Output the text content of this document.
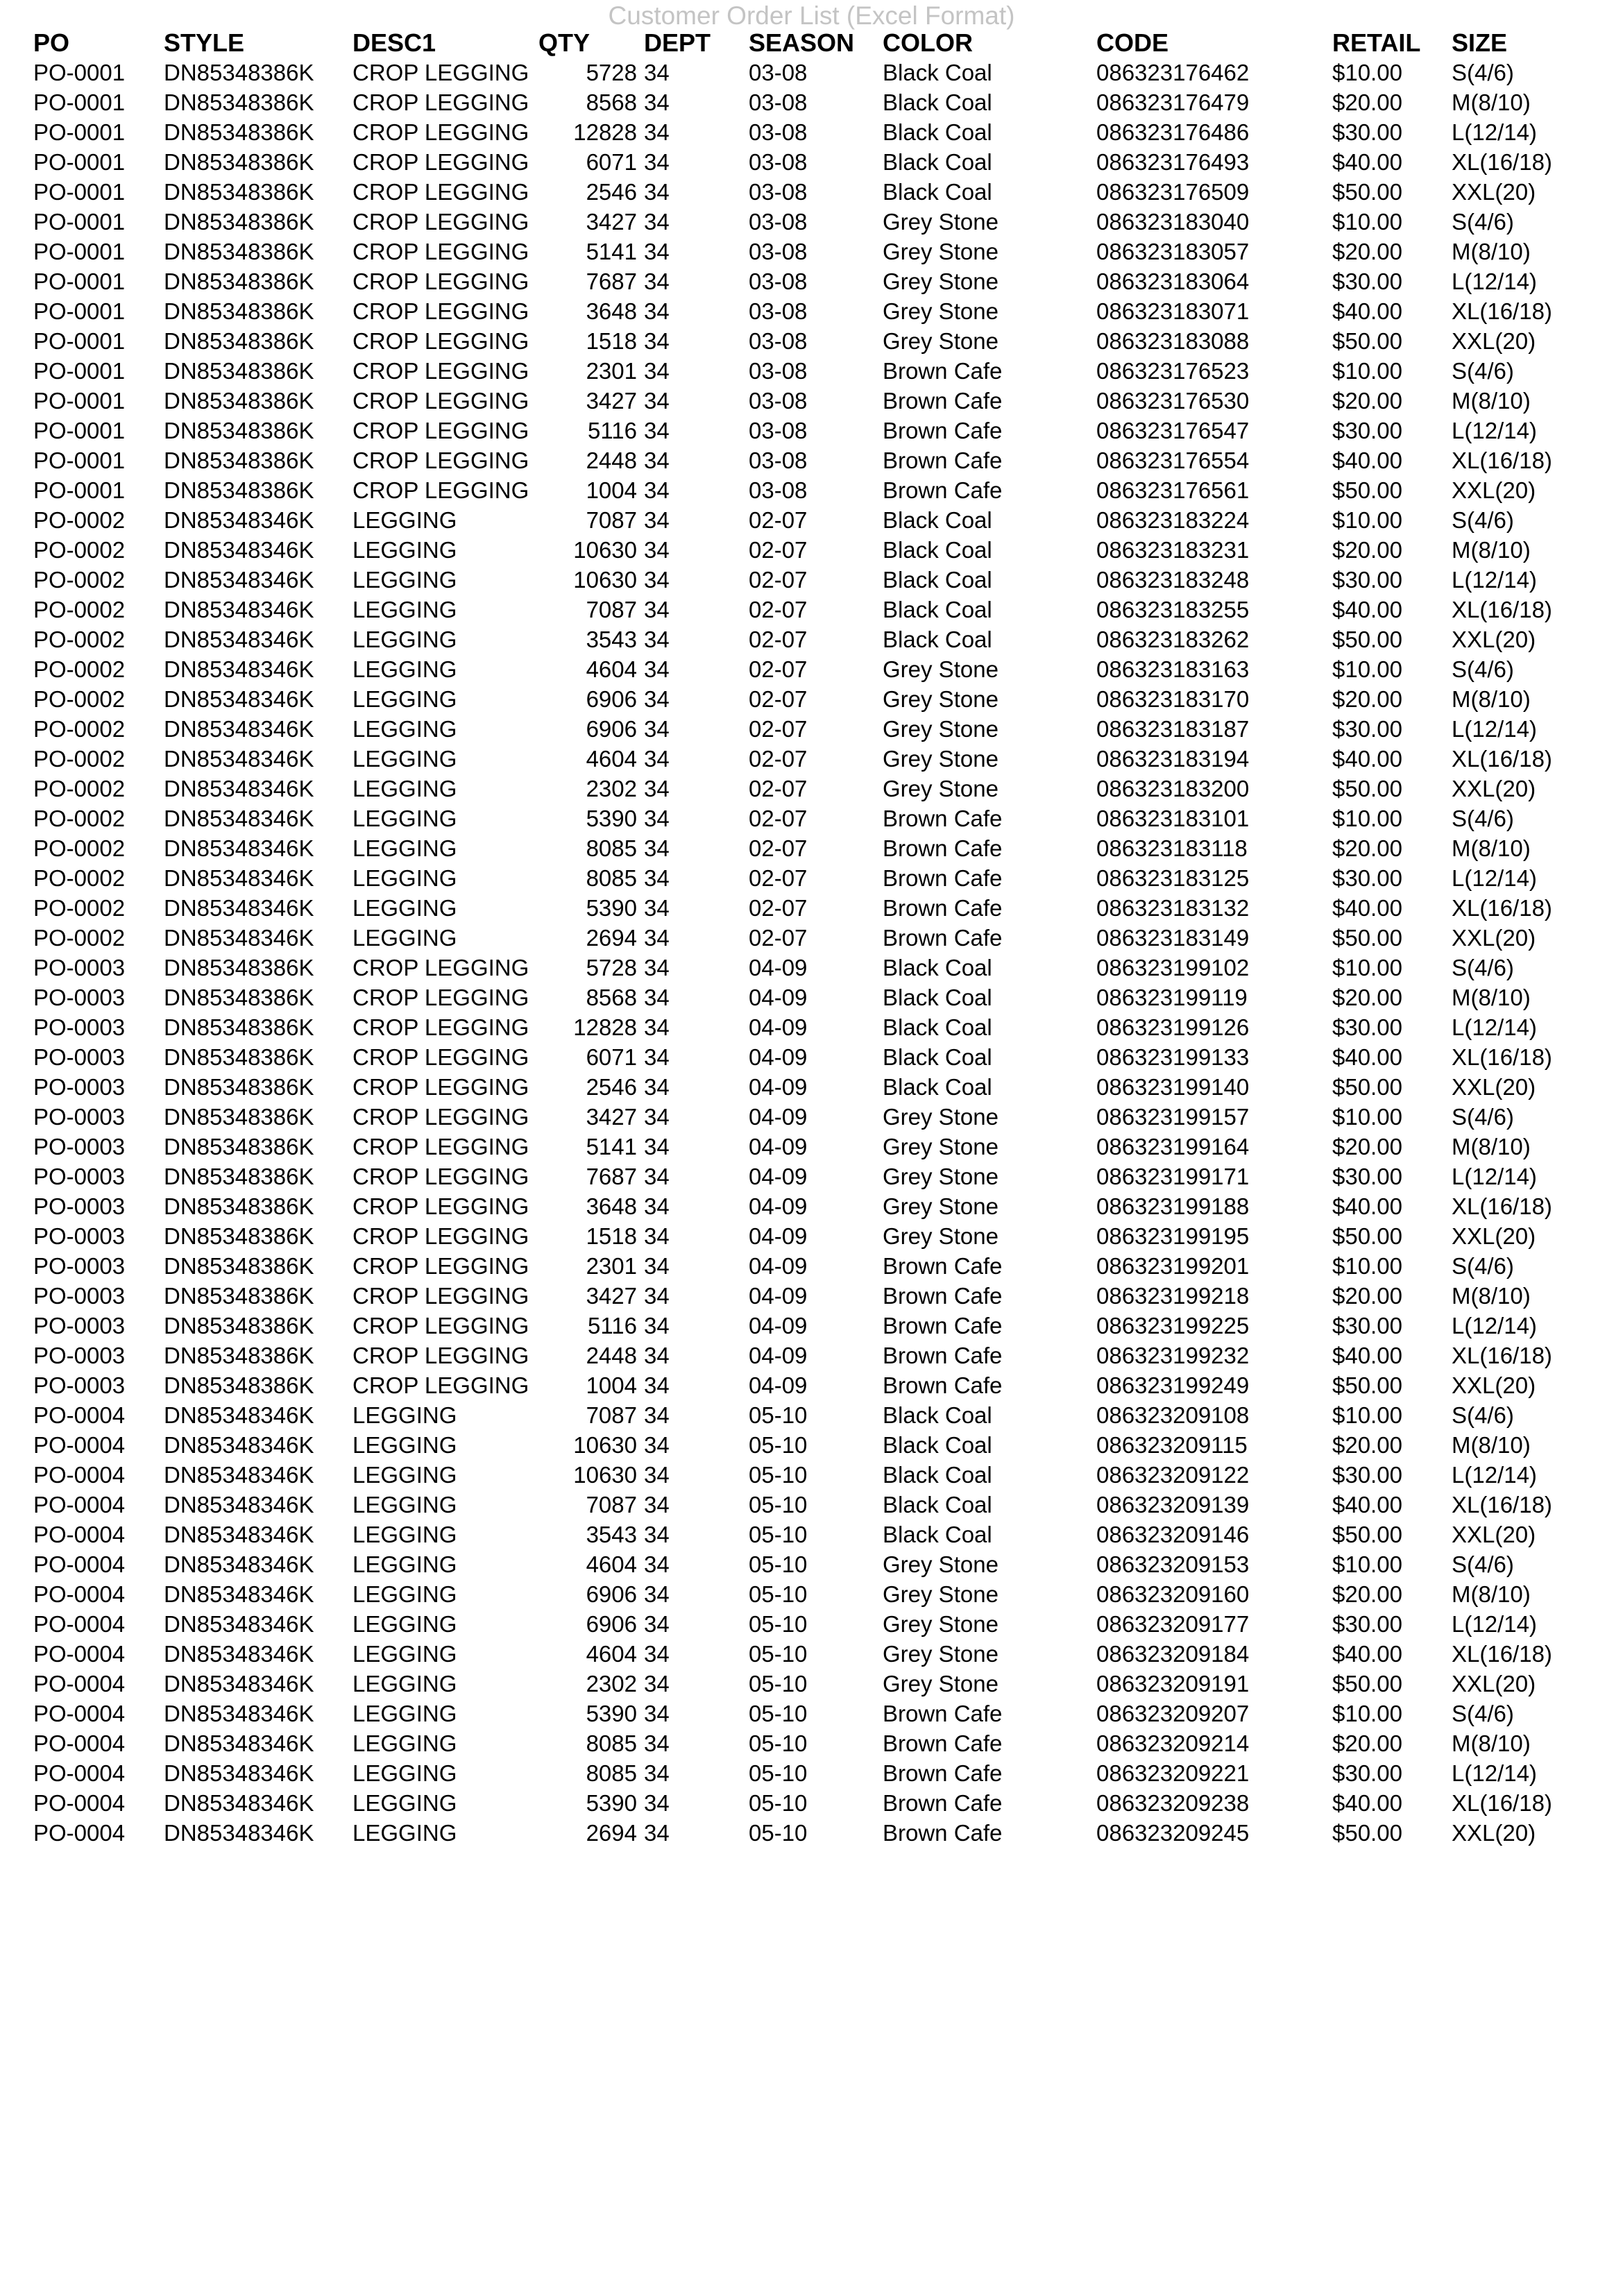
Customer Order List (Excel Format)
PO	STYLE	DESC1	QTY	DEPT SEASON COLOR	CODE	RETAIL SIZE
PO-0001 DN85348386K CROP LEGGING	5728 34	03-08	Black Coal	086323176462	$10.00 S(4/6)
PO-0001 DN85348386K CROP LEGGING	8568 34	03-08	Black Coal	086323176479	$20.00 M(8/10)
PO-0001 DN85348386K CROP LEGGING	12828 34	03-08	Black Coal	086323176486	$30.00 L(12/14)
PO-0001 DN85348386K CROP LEGGING	6071 34	03-08	Black Coal	086323176493	$40.00 XL(16/18)
PO-0001 DN85348386K CROP LEGGING	2546 34	03-08	Black Coal	086323176509	$50.00 XXL(20)
PO-0001 DN85348386K CROP LEGGING	3427 34	03-08	Grey Stone	086323183040	$10.00 S(4/6)
PO-0001 DN85348386K CROP LEGGING	5141 34	03-08	Grey Stone	086323183057	$20.00 M(8/10)
PO-0001 DN85348386K CROP LEGGING	7687 34	03-08	Grey Stone	086323183064	$30.00 L(12/14)
PO-0001 DN85348386K CROP LEGGING	3648 34	03-08	Grey Stone	086323183071	$40.00 XL(16/18)
PO-0001 DN85348386K CROP LEGGING	1518 34	03-08	Grey Stone	086323183088	$50.00 XXL(20)
PO-0001 DN85348386K CROP LEGGING	2301 34	03-08	Brown Cafe	086323176523	$10.00 S(4/6)
PO-0001 DN85348386K CROP LEGGING	3427 34	03-08	Brown Cafe	086323176530	$20.00 M(8/10)
PO-0001 DN85348386K CROP LEGGING	5116 34	03-08	Brown Cafe	086323176547	$30.00 L(12/14)
PO-0001 DN85348386K CROP LEGGING	2448 34	03-08	Brown Cafe	086323176554	$40.00 XL(16/18)
PO-0001 DN85348386K CROP LEGGING	1004 34	03-08	Brown Cafe	086323176561	$50.00 XXL(20)
PO-0002 DN85348346K LEGGING	7087 34	02-07	Black Coal	086323183224	$10.00 S(4/6)
PO-0002 DN85348346K LEGGING	10630 34	02-07	Black Coal	086323183231	$20.00 M(8/10)
PO-0002 DN85348346K LEGGING	10630 34	02-07	Black Coal	086323183248	$30.00 L(12/14)
PO-0002 DN85348346K LEGGING	7087 34	02-07	Black Coal	086323183255	$40.00 XL(16/18)
PO-0002 DN85348346K LEGGING	3543 34	02-07	Black Coal	086323183262	$50.00 XXL(20)
PO-0002 DN85348346K LEGGING	4604 34	02-07	Grey Stone	086323183163	$10.00 S(4/6)
PO-0002 DN85348346K LEGGING	6906 34	02-07	Grey Stone	086323183170	$20.00 M(8/10)
PO-0002 DN85348346K LEGGING	6906 34	02-07	Grey Stone	086323183187	$30.00 L(12/14)
PO-0002 DN85348346K LEGGING	4604 34	02-07	Grey Stone	086323183194	$40.00 XL(16/18)
PO-0002 DN85348346K LEGGING	2302 34	02-07	Grey Stone	086323183200	$50.00 XXL(20)
PO-0002 DN85348346K LEGGING	5390 34	02-07	Brown Cafe	086323183101	$10.00 S(4/6)
PO-0002 DN85348346K LEGGING	8085 34	02-07	Brown Cafe	086323183118	$20.00 M(8/10)
PO-0002 DN85348346K LEGGING	8085 34	02-07	Brown Cafe	086323183125	$30.00 L(12/14)
PO-0002 DN85348346K LEGGING	5390 34	02-07	Brown Cafe	086323183132	$40.00 XL(16/18)
PO-0002 DN85348346K LEGGING	2694 34	02-07	Brown Cafe	086323183149	$50.00 XXL(20)
PO-0003 DN85348386K CROP LEGGING	5728 34	04-09	Black Coal	086323199102	$10.00 S(4/6)
PO-0003 DN85348386K CROP LEGGING	8568 34	04-09	Black Coal	086323199119	$20.00 M(8/10)
PO-0003 DN85348386K CROP LEGGING	12828 34	04-09	Black Coal	086323199126	$30.00 L(12/14)
PO-0003 DN85348386K CROP LEGGING	6071 34	04-09	Black Coal	086323199133	$40.00 XL(16/18)
PO-0003 DN85348386K CROP LEGGING	2546 34	04-09	Black Coal	086323199140	$50.00 XXL(20)
PO-0003 DN85348386K CROP LEGGING	3427 34	04-09	Grey Stone	086323199157	$10.00 S(4/6)
PO-0003 DN85348386K CROP LEGGING	5141 34	04-09	Grey Stone	086323199164	$20.00 M(8/10)
PO-0003 DN85348386K CROP LEGGING	7687 34	04-09	Grey Stone	086323199171	$30.00 L(12/14)
PO-0003 DN85348386K CROP LEGGING	3648 34	04-09	Grey Stone	086323199188	$40.00 XL(16/18)
PO-0003 DN85348386K CROP LEGGING	1518 34	04-09	Grey Stone	086323199195	$50.00 XXL(20)
PO-0003 DN85348386K CROP LEGGING	2301 34	04-09	Brown Cafe	086323199201	$10.00 S(4/6)
PO-0003 DN85348386K CROP LEGGING	3427 34	04-09	Brown Cafe	086323199218	$20.00 M(8/10)
PO-0003 DN85348386K CROP LEGGING	5116 34	04-09	Brown Cafe	086323199225	$30.00 L(12/14)
PO-0003 DN85348386K CROP LEGGING	2448 34	04-09	Brown Cafe	086323199232	$40.00 XL(16/18)
PO-0003 DN85348386K CROP LEGGING	1004 34	04-09	Brown Cafe	086323199249	$50.00 XXL(20)
PO-0004 DN85348346K LEGGING	7087 34	05-10	Black Coal	086323209108	$10.00 S(4/6)
PO-0004 DN85348346K LEGGING	10630 34	05-10	Black Coal	086323209115	$20.00 M(8/10)
PO-0004 DN85348346K LEGGING	10630 34	05-10	Black Coal	086323209122	$30.00 L(12/14)
PO-0004 DN85348346K LEGGING	7087 34	05-10	Black Coal	086323209139	$40.00 XL(16/18)
PO-0004 DN85348346K LEGGING	3543 34	05-10	Black Coal	086323209146	$50.00 XXL(20)
PO-0004 DN85348346K LEGGING	4604 34	05-10	Grey Stone	086323209153	$10.00 S(4/6)
PO-0004 DN85348346K LEGGING	6906 34	05-10	Grey Stone	086323209160	$20.00 M(8/10)
PO-0004 DN85348346K LEGGING	6906 34	05-10	Grey Stone	086323209177	$30.00 L(12/14)
PO-0004 DN85348346K LEGGING	4604 34	05-10	Grey Stone	086323209184	$40.00 XL(16/18)
PO-0004 DN85348346K LEGGING	2302 34	05-10	Grey Stone	086323209191	$50.00 XXL(20)
PO-0004 DN85348346K LEGGING	5390 34	05-10	Brown Cafe	086323209207	$10.00 S(4/6)
PO-0004 DN85348346K LEGGING	8085 34	05-10	Brown Cafe	086323209214	$20.00 M(8/10)
PO-0004 DN85348346K LEGGING	8085 34	05-10	Brown Cafe	086323209221	$30.00 L(12/14)
PO-0004 DN85348346K LEGGING	5390 34	05-10	Brown Cafe	086323209238	$40.00 XL(16/18)
PO-0004 DN85348346K LEGGING	2694 34	05-10	Brown Cafe	086323209245	$50.00 XXL(20)
